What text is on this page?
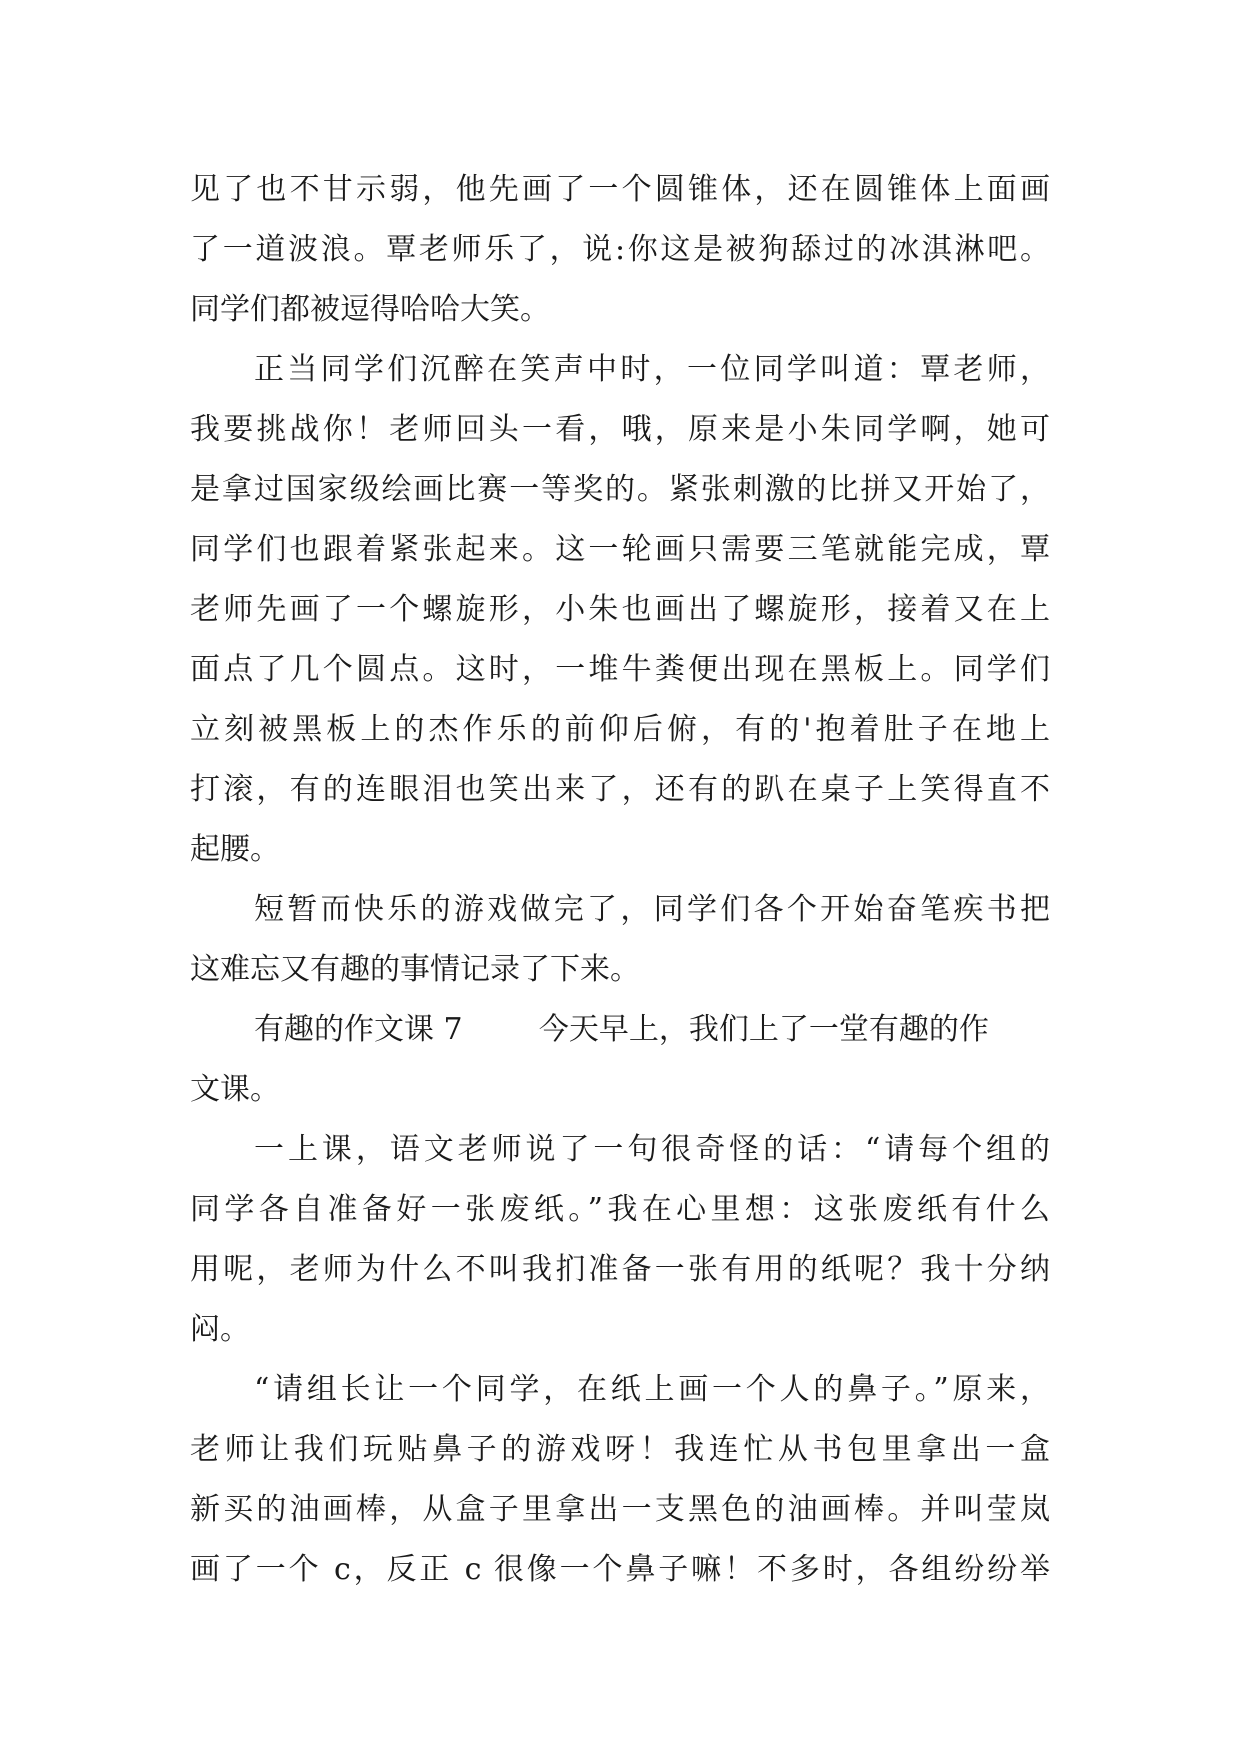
见了也不甘示弱，他先画了一个圆锥体，还在圆锥体上面画
了一道波浪。覃老师乐了，说:你这是被狗舔过的冰淇淋吧。
同学们都被逗得哈哈大笑。
正当同学们沉醉在笑声中时，一位同学叫道：覃老师，
我要挑战你！老师回头一看，哦，原来是小朱同学啊，她可
是拿过国家级绘画比赛一等奖的。紧张刺激的比拼又开始了，
同学们也跟着紧张起来。这一轮画只需要三笔就能完成，覃
老师先画了一个螺旋形，小朱也画出了螺旋形，接着又在上
面点了几个圆点。这时，一堆牛粪便出现在黑板上。同学们
立刻被黑板上的杰作乐的前仰后俯，有的'抱着肚子在地上
打滚，有的连眼泪也笑出来了，还有的趴在桌子上笑得直不
起腰。
短暂而快乐的游戏做完了，同学们各个开始奋笔疾书把
这难忘又有趣的事情记录了下来。
有趣的作文课 7        今天早上，我们上了一堂有趣的作
文课。
一上课，语文老师说了一句很奇怪的话：“请每个组的
同学各自准备好一张废纸。”我在心里想：这张废纸有什么
用呢，老师为什么不叫我扪准备一张有用的纸呢？我十分纳
闷。
“请组长让一个同学，在纸上画一个人的鼻子。”原来，
老师让我们玩贴鼻子的游戏呀！我连忙从书包里拿出一盒
新买的油画棒，从盒子里拿出一支黑色的油画棒。并叫莹岚
画了一个 c，反正 c 很像一个鼻子嘛！不多时，各组纷纷举
